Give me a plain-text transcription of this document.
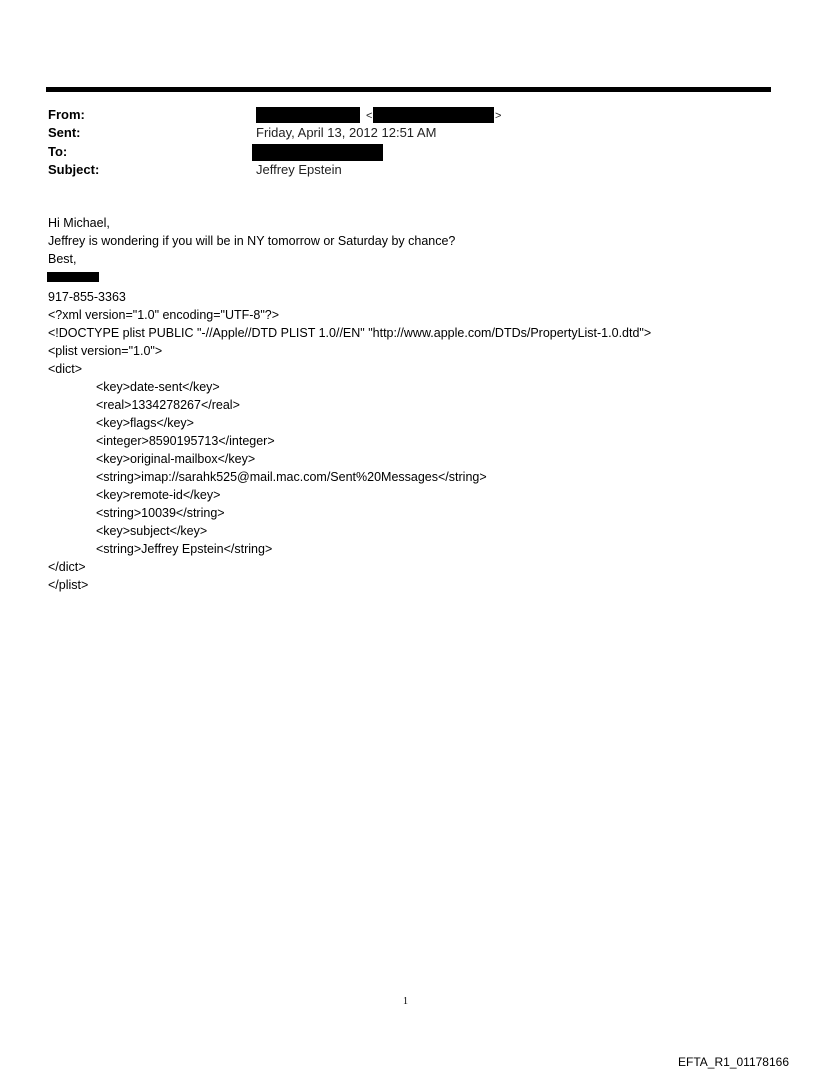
From:
Sent:
To:
Subject:
<	>
Friday, April 13, 2012 12:51 AM
Jeffrey Epstein
Hi Michael,
Jeffrey is wondering if you will be in NY tomorrow or Saturday by chance?
Best,
917-855-3363
<?xml version="1.0" encoding="UTF-8"?>
<!DOCTYPE plist PUBLIC "-//Apple//DTD PLIST 1.0//EN" "http://www.apple.com/DTDs/PropertyList-1.0.dtd">
<plist version="1.0">
<dict>
<key>date-sent</key>
<real>1334278267</real>
<key>flags</key>
<integer>8590195713</integer>
<key>original-mailbox</key>
<string>imap://sarahk525@mail.mac.com/Sent%20Messages</string>
<key>remote-id</key>
<string>10039</string>
<key>subject</key>
<string>Jeffrey Epstein</string>
</dict>
</plist>
1
EFTA_R1_01178166
